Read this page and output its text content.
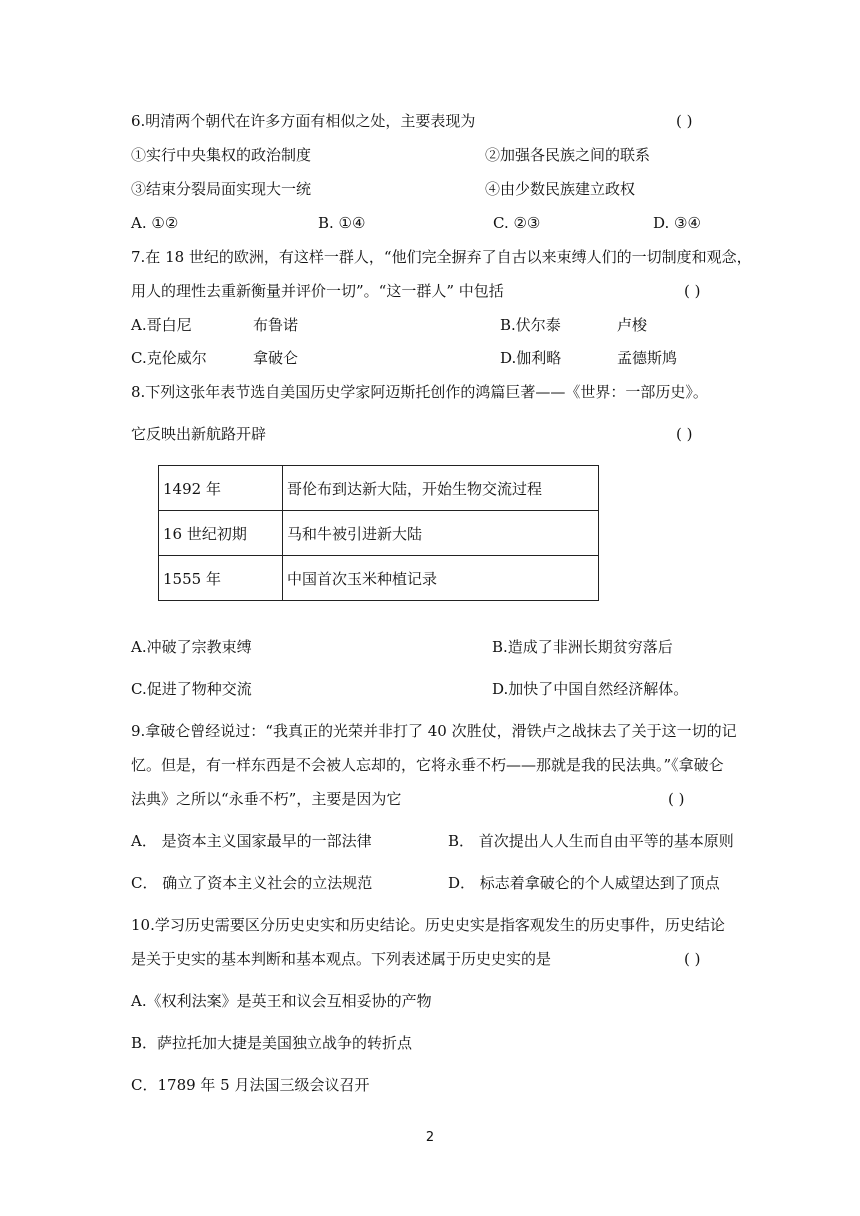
6.明清两个朝代在许多方面有相似之处，主要表现为	( )
①实行中央集权的政治制度	②加强各民族之间的联系
③结束分裂局面实现大一统	④由少数民族建立政权
A. ①②	B. ①④	C. ②③	D. ③④
7.在 18 世纪的欧洲，有这样一群人，“他们完全摒弃了自古以来束缚人们的一切制度和观念，
用人的理性去重新衡量并评价一切”。“这一群人” 中包括	( )
A.哥白尼	布鲁诺	B.伏尔泰	卢梭
C.克伦威尔	拿破仑	D.伽利略	孟德斯鸠
8.下列这张年表节选自美国历史学家阿迈斯托创作的鸿篇巨著——《世界：一部历史》。
它反映出新航路开辟	( )
1492 年	哥伦布到达新大陆，开始生物交流过程
16 世纪初期	马和牛被引进新大陆
1555 年	中国首次玉米种植记录
A.冲破了宗教束缚	B.造成了非洲长期贫穷落后
C.促进了物种交流	D.加快了中国自然经济解体。
9.拿破仑曾经说过：“我真正的光荣并非打了 40 次胜仗，滑铁卢之战抹去了关于这一切的记
忆。但是，有一样东西是不会被人忘却的，它将永垂不朽——那就是我的民法典。”《拿破仑
法典》之所以“永垂不朽”，主要是因为它	( )
A． 是资本主义国家最早的一部法律	B． 首次提出人人生而自由平等的基本原则
C． 确立了资本主义社会的立法规范	D． 标志着拿破仑的个人威望达到了顶点
10.学习历史需要区分历史史实和历史结论。历史史实是指客观发生的历史事件，历史结论
是关于史实的基本判断和基本观点。下列表述属于历史史实的是	( )
A.《权利法案》是英王和议会互相妥协的产物
B．萨拉托加大捷是美国独立战争的转折点
C．1789 年 5 月法国三级会议召开
2
